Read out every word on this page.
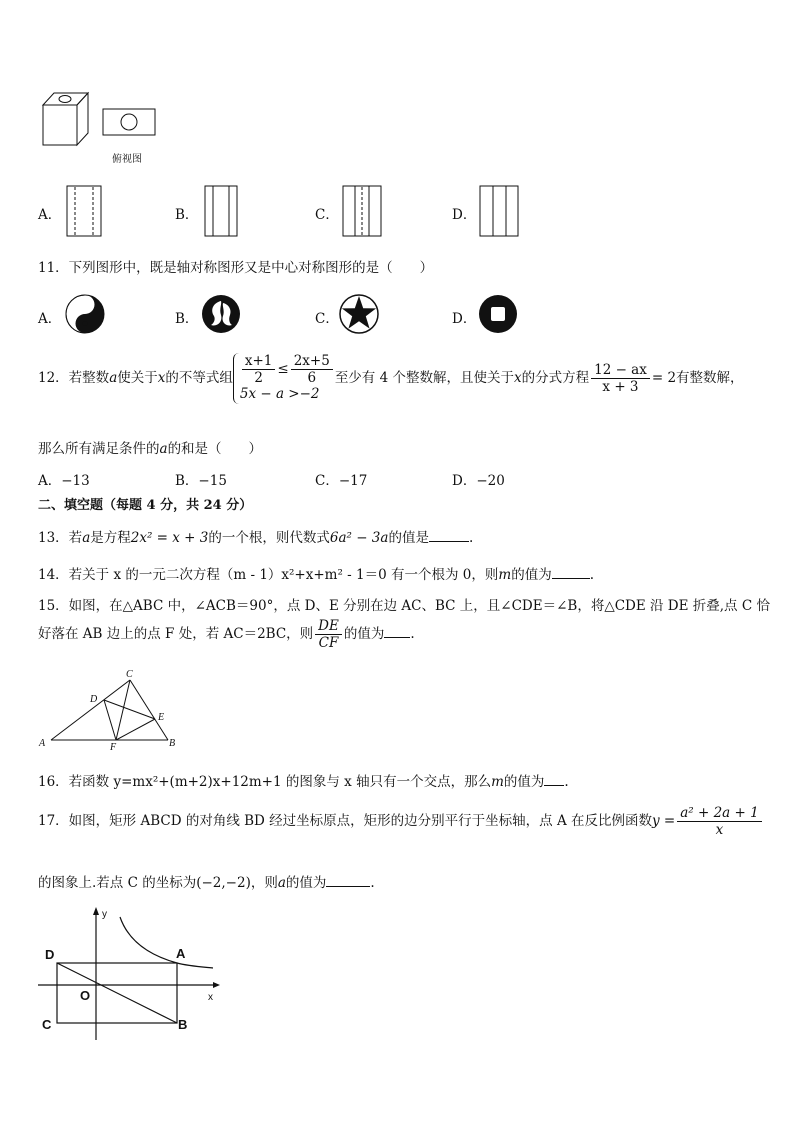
俯视图
A．	B．	C．	D．
11．下列图形中，既是轴对称图形又是中心对称图形的是（　　）
A．	B．	C．	D．
12．若整数a使关于x的不等式组 $\frac{x+1}{2} \le \frac{2x+5}{6}$
5x − a >−2
至少有 4 个整数解，且使关于x的分式方程 $\frac{12 - ax}{x + 3} = 2$有整数解，
那么所有满足条件的a的和是（　　）
A．−13	B．−15	C．−17	D．−20
二、填空题（每题 4 分，共 24 分）
13．若a是方程2x² = x + 3的一个根，则代数式6a² − 3a的值是	.
14．若关于 x 的一元二次方程（m - 1）x²+x+m² - 1＝0 有一个根为 0，则m的值为	.
15．如图，在△ABC 中，∠ACB＝90°，点 D、E 分别在边 AC、BC 上，且∠CDE＝∠B，将△CDE 沿 DE 折叠,点 C 恰
好落在 AB 边上的点 F 处，若 AC＝2BC，则 $\frac{DE}{CF}$ 的值为 .
C
D
E
A	F	B
16．若函数 y=mx²+(m+2)x+12m+1 的图象与 x 轴只有一个交点，那么m的值为 .
17．如图，矩形 ABCD 的对角线 BD 经过坐标原点，矩形的边分别平行于坐标轴，点 A 在反比例函数$y = \frac{\text{a² + 2a + 1}}{x}$
的图象上.若点 C 的坐标为(−2,−2)，则a的值为	.
y
x
D	A
O
C	B
